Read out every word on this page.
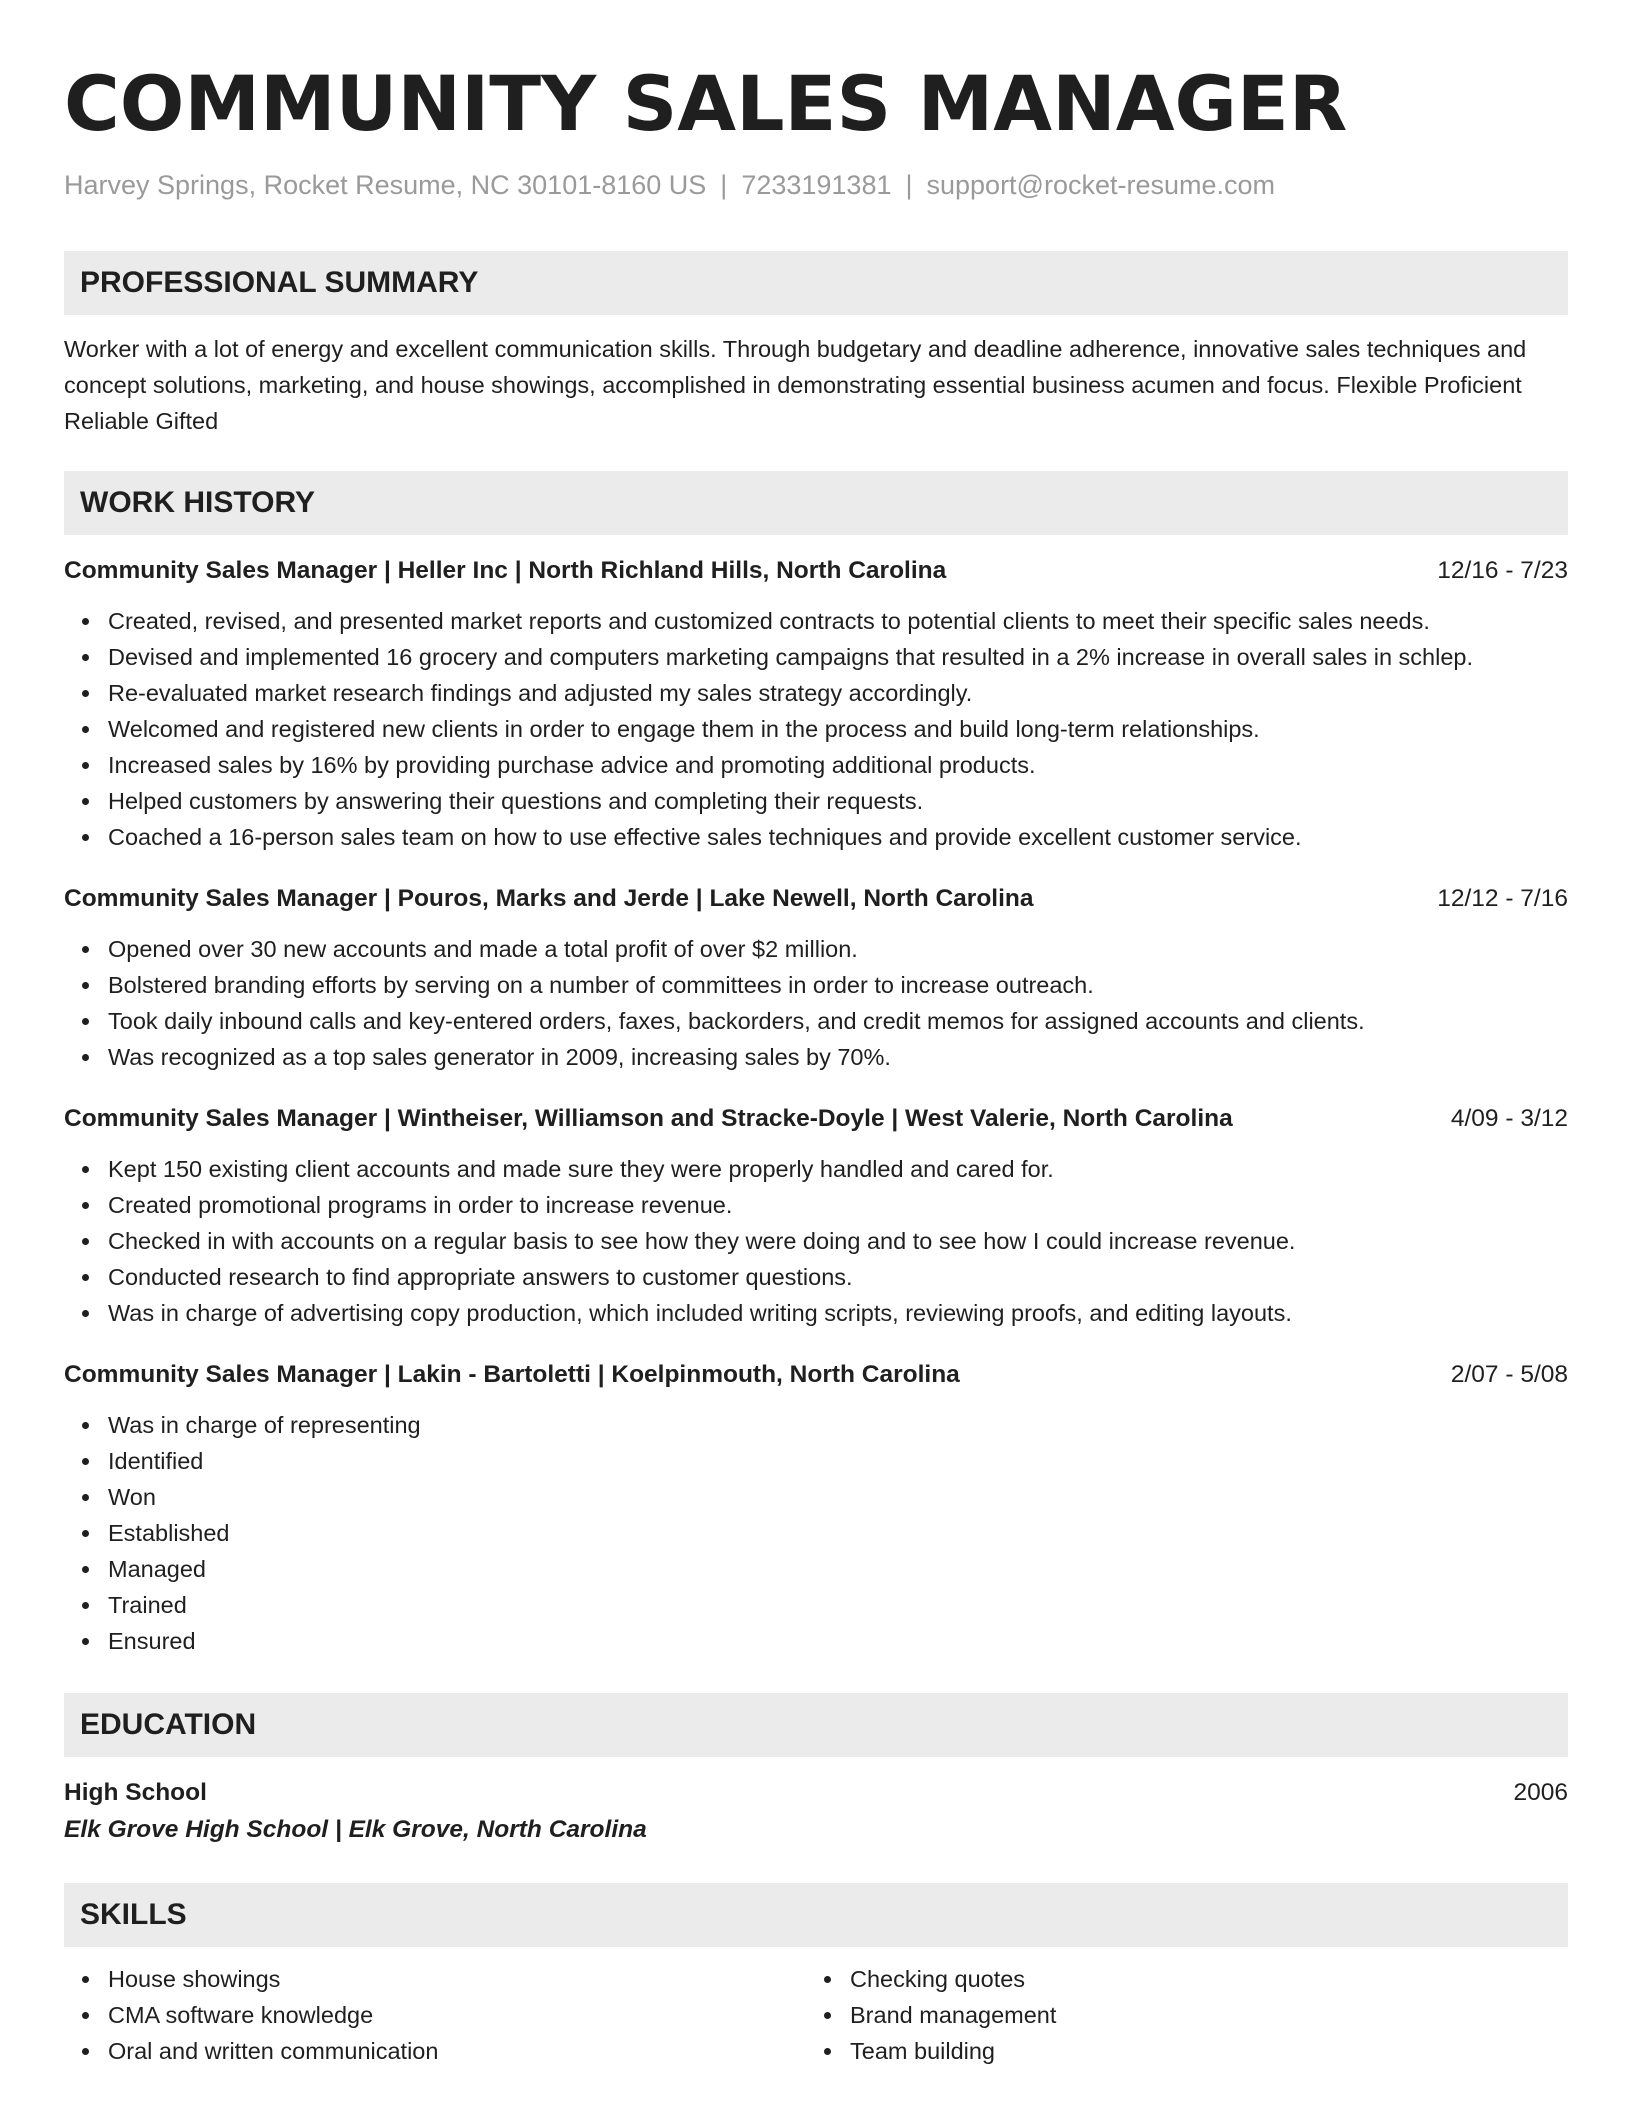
COMMUNITY SALES MANAGER
Harvey Springs, Rocket Resume, NC 30101-8160 US | 7233191381 | support@rocket-resume.com
PROFESSIONAL SUMMARY
Worker with a lot of energy and excellent communication skills. Through budgetary and deadline adherence, innovative sales techniques and concept solutions, marketing, and house showings, accomplished in demonstrating essential business acumen and focus. Flexible Proficient Reliable Gifted
WORK HISTORY
Community Sales Manager | Heller Inc | North Richland Hills, North Carolina	12/16 - 7/23
Created, revised, and presented market reports and customized contracts to potential clients to meet their specific sales needs.
Devised and implemented 16 grocery and computers marketing campaigns that resulted in a 2% increase in overall sales in schlep.
Re-evaluated market research findings and adjusted my sales strategy accordingly.
Welcomed and registered new clients in order to engage them in the process and build long-term relationships.
Increased sales by 16% by providing purchase advice and promoting additional products.
Helped customers by answering their questions and completing their requests.
Coached a 16-person sales team on how to use effective sales techniques and provide excellent customer service.
Community Sales Manager | Pouros, Marks and Jerde | Lake Newell, North Carolina	12/12 - 7/16
Opened over 30 new accounts and made a total profit of over $2 million.
Bolstered branding efforts by serving on a number of committees in order to increase outreach.
Took daily inbound calls and key-entered orders, faxes, backorders, and credit memos for assigned accounts and clients.
Was recognized as a top sales generator in 2009, increasing sales by 70%.
Community Sales Manager | Wintheiser, Williamson and Stracke-Doyle | West Valerie, North Carolina	4/09 - 3/12
Kept 150 existing client accounts and made sure they were properly handled and cared for.
Created promotional programs in order to increase revenue.
Checked in with accounts on a regular basis to see how they were doing and to see how I could increase revenue.
Conducted research to find appropriate answers to customer questions.
Was in charge of advertising copy production, which included writing scripts, reviewing proofs, and editing layouts.
Community Sales Manager | Lakin - Bartoletti | Koelpinmouth, North Carolina	2/07 - 5/08
Was in charge of representing
Identified
Won
Established
Managed
Trained
Ensured
EDUCATION
High School	2006
Elk Grove High School | Elk Grove, North Carolina
SKILLS
House showings
CMA software knowledge
Oral and written communication
Checking quotes
Brand management
Team building
